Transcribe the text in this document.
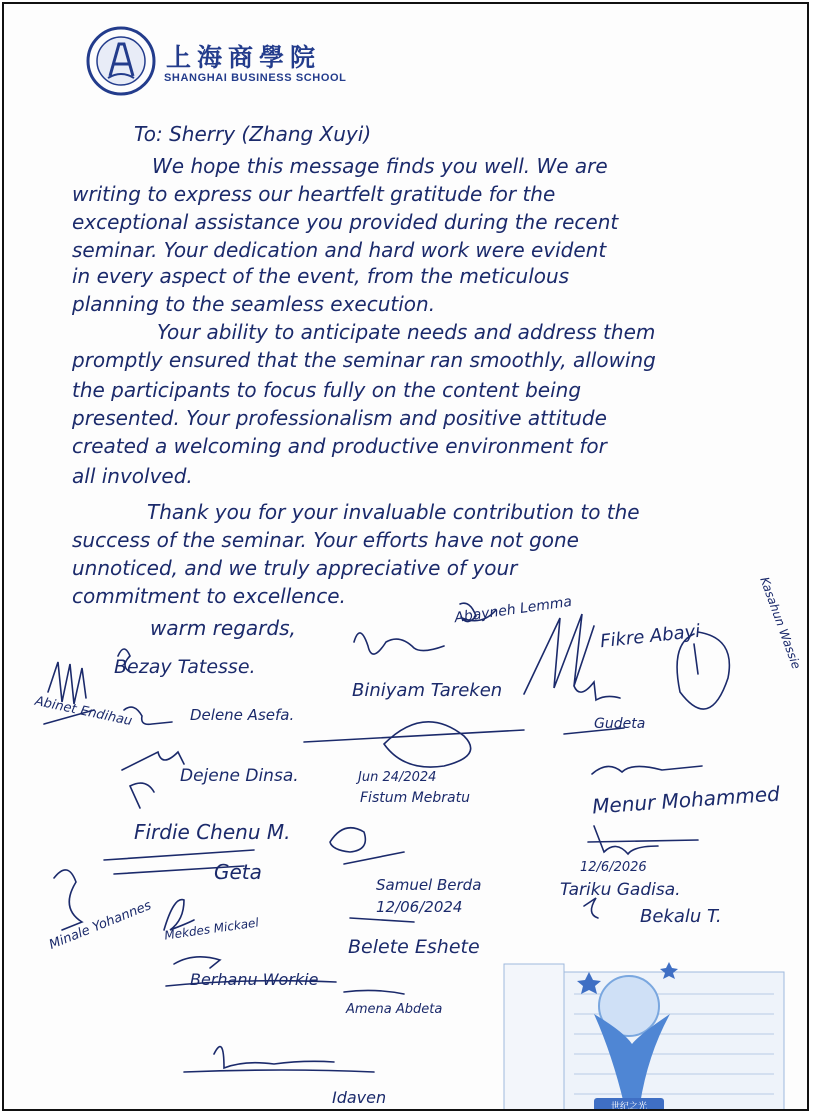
上海商學院
SHANGHAI BUSINESS SCHOOL
To: Sherry (Zhang Xuyi)
We hope this message finds you well. We are
writing to express our heartfelt gratitude for the
exceptional assistance you provided during the recent
seminar. Your dedication and hard work were evident
in every aspect of the event, from the meticulous
planning to the seamless execution.
Your ability to anticipate needs and address them
promptly ensured that the seminar ran smoothly, allowing
the participants to focus fully on the content being
presented. Your professionalism and positive attitude
created a welcoming and productive environment for
all involved.
Thank you for your invaluable contribution to the
success of the seminar. Your efforts have not gone
unnoticed, and we truly appreciative of your
commitment to excellence.
warm regards,
Bezay Tatesse.
Abayneh Lemma
Fikre Abayi	Kasahun Wassie
Biniyam Tareken
Abinet Endihau	Delene Asefa.	Gudeta
Dejene Dinsa.	Jun 24/2024
Fistum Mebratu	Menur Mohammed
Firdie Chenu M.
Geta
Samuel Berda
12/06/2024
12/6/2026
Tariku Gadisa.
Minale Yohannes Mekdes Mickael
Belete Eshete
Bekalu T.
Berhanu Workie
Amena Abdeta
Idaven	世纪之光
